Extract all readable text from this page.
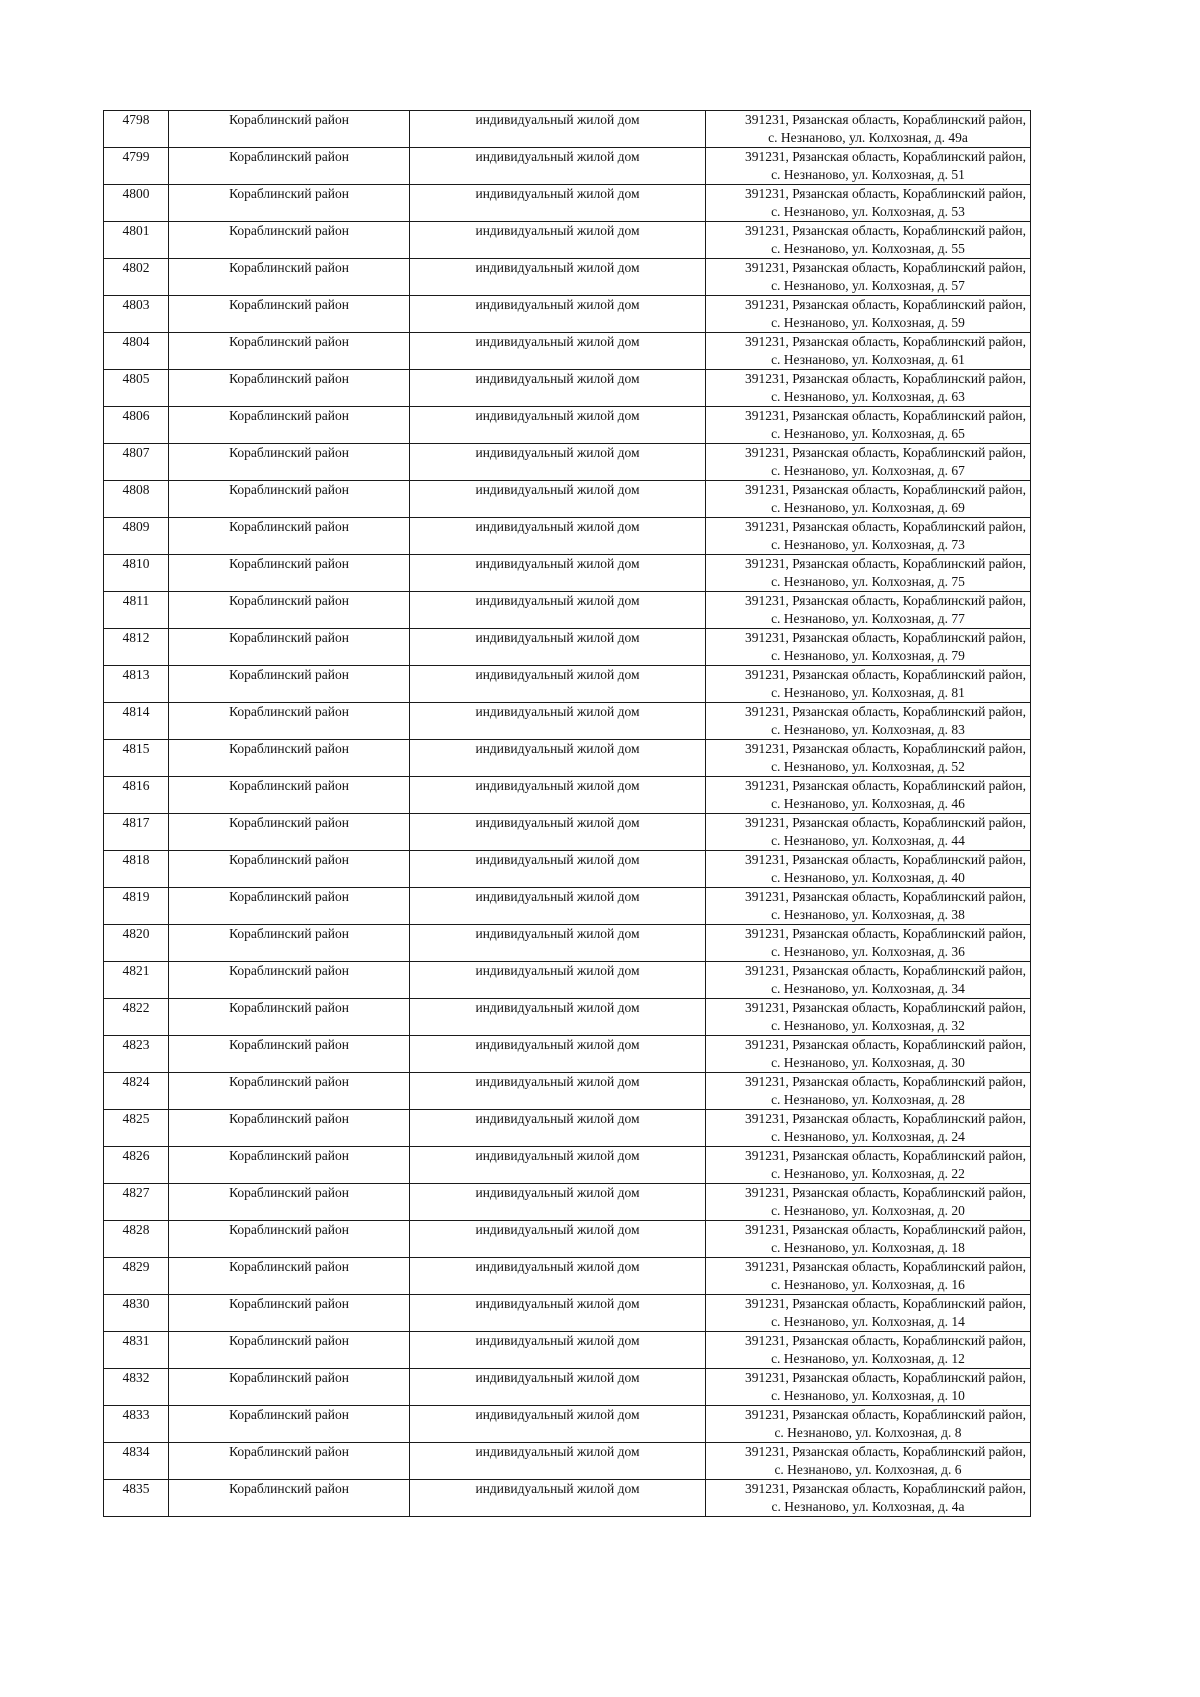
4798	Кораблинский район	индивидуальный жилой дом	391231, Рязанская область, Кораблинский район,
с. Незнаново, ул. Колхозная, д. 49а

4799	Кораблинский район	индивидуальный жилой дом	391231, Рязанская область, Кораблинский район,
с. Незнаново, ул. Колхозная, д. 51

4800	Кораблинский район	индивидуальный жилой дом	391231, Рязанская область, Кораблинский район,
с. Незнаново, ул. Колхозная, д. 53

4801	Кораблинский район	индивидуальный жилой дом	391231, Рязанская область, Кораблинский район,
с. Незнаново, ул. Колхозная, д. 55

4802	Кораблинский район	индивидуальный жилой дом	391231, Рязанская область, Кораблинский район,
с. Незнаново, ул. Колхозная, д. 57

4803	Кораблинский район	индивидуальный жилой дом	391231, Рязанская область, Кораблинский район,
с. Незнаново, ул. Колхозная, д. 59

4804	Кораблинский район	индивидуальный жилой дом	391231, Рязанская область, Кораблинский район,
с. Незнаново, ул. Колхозная, д. 61

4805	Кораблинский район	индивидуальный жилой дом	391231, Рязанская область, Кораблинский район,
с. Незнаново, ул. Колхозная, д. 63

4806	Кораблинский район	индивидуальный жилой дом	391231, Рязанская область, Кораблинский район,
с. Незнаново, ул. Колхозная, д. 65

4807	Кораблинский район	индивидуальный жилой дом	391231, Рязанская область, Кораблинский район,
с. Незнаново, ул. Колхозная, д. 67

4808	Кораблинский район	индивидуальный жилой дом	391231, Рязанская область, Кораблинский район,
с. Незнаново, ул. Колхозная, д. 69

4809	Кораблинский район	индивидуальный жилой дом	391231, Рязанская область, Кораблинский район,
с. Незнаново, ул. Колхозная, д. 73

4810	Кораблинский район	индивидуальный жилой дом	391231, Рязанская область, Кораблинский район,
с. Незнаново, ул. Колхозная, д. 75

4811	Кораблинский район	индивидуальный жилой дом	391231, Рязанская область, Кораблинский район,
с. Незнаново, ул. Колхозная, д. 77

4812	Кораблинский район	индивидуальный жилой дом	391231, Рязанская область, Кораблинский район,
с. Незнаново, ул. Колхозная, д. 79

4813	Кораблинский район	индивидуальный жилой дом	391231, Рязанская область, Кораблинский район,
с. Незнаново, ул. Колхозная, д. 81

4814	Кораблинский район	индивидуальный жилой дом	391231, Рязанская область, Кораблинский район,
с. Незнаново, ул. Колхозная, д. 83

4815	Кораблинский район	индивидуальный жилой дом	391231, Рязанская область, Кораблинский район,
с. Незнаново, ул. Колхозная, д. 52

4816	Кораблинский район	индивидуальный жилой дом	391231, Рязанская область, Кораблинский район,
с. Незнаново, ул. Колхозная, д. 46

4817	Кораблинский район	индивидуальный жилой дом	391231, Рязанская область, Кораблинский район,
с. Незнаново, ул. Колхозная, д. 44

4818	Кораблинский район	индивидуальный жилой дом	391231, Рязанская область, Кораблинский район,
с. Незнаново, ул. Колхозная, д. 40

4819	Кораблинский район	индивидуальный жилой дом	391231, Рязанская область, Кораблинский район,
с. Незнаново, ул. Колхозная, д. 38

4820	Кораблинский район	индивидуальный жилой дом	391231, Рязанская область, Кораблинский район,
с. Незнаново, ул. Колхозная, д. 36

4821	Кораблинский район	индивидуальный жилой дом	391231, Рязанская область, Кораблинский район,
с. Незнаново, ул. Колхозная, д. 34

4822	Кораблинский район	индивидуальный жилой дом	391231, Рязанская область, Кораблинский район,
с. Незнаново, ул. Колхозная, д. 32

4823	Кораблинский район	индивидуальный жилой дом	391231, Рязанская область, Кораблинский район,
с. Незнаново, ул. Колхозная, д. 30

4824	Кораблинский район	индивидуальный жилой дом	391231, Рязанская область, Кораблинский район,
с. Незнаново, ул. Колхозная, д. 28

4825	Кораблинский район	индивидуальный жилой дом	391231, Рязанская область, Кораблинский район,
с. Незнаново, ул. Колхозная, д. 24

4826	Кораблинский район	индивидуальный жилой дом	391231, Рязанская область, Кораблинский район,
с. Незнаново, ул. Колхозная, д. 22

4827	Кораблинский район	индивидуальный жилой дом	391231, Рязанская область, Кораблинский район,
с. Незнаново, ул. Колхозная, д. 20

4828	Кораблинский район	индивидуальный жилой дом	391231, Рязанская область, Кораблинский район,
с. Незнаново, ул. Колхозная, д. 18

4829	Кораблинский район	индивидуальный жилой дом	391231, Рязанская область, Кораблинский район,
с. Незнаново, ул. Колхозная, д. 16

4830	Кораблинский район	индивидуальный жилой дом	391231, Рязанская область, Кораблинский район,
с. Незнаново, ул. Колхозная, д. 14

4831	Кораблинский район	индивидуальный жилой дом	391231, Рязанская область, Кораблинский район,
с. Незнаново, ул. Колхозная, д. 12

4832	Кораблинский район	индивидуальный жилой дом	391231, Рязанская область, Кораблинский район,
с. Незнаново, ул. Колхозная, д. 10

4833	Кораблинский район	индивидуальный жилой дом	391231, Рязанская область, Кораблинский район,
с. Незнаново, ул. Колхозная, д. 8

4834	Кораблинский район	индивидуальный жилой дом	391231, Рязанская область, Кораблинский район,
с. Незнаново, ул. Колхозная, д. 6

4835	Кораблинский район	индивидуальный жилой дом	391231, Рязанская область, Кораблинский район,
с. Незнаново, ул. Колхозная, д. 4а
